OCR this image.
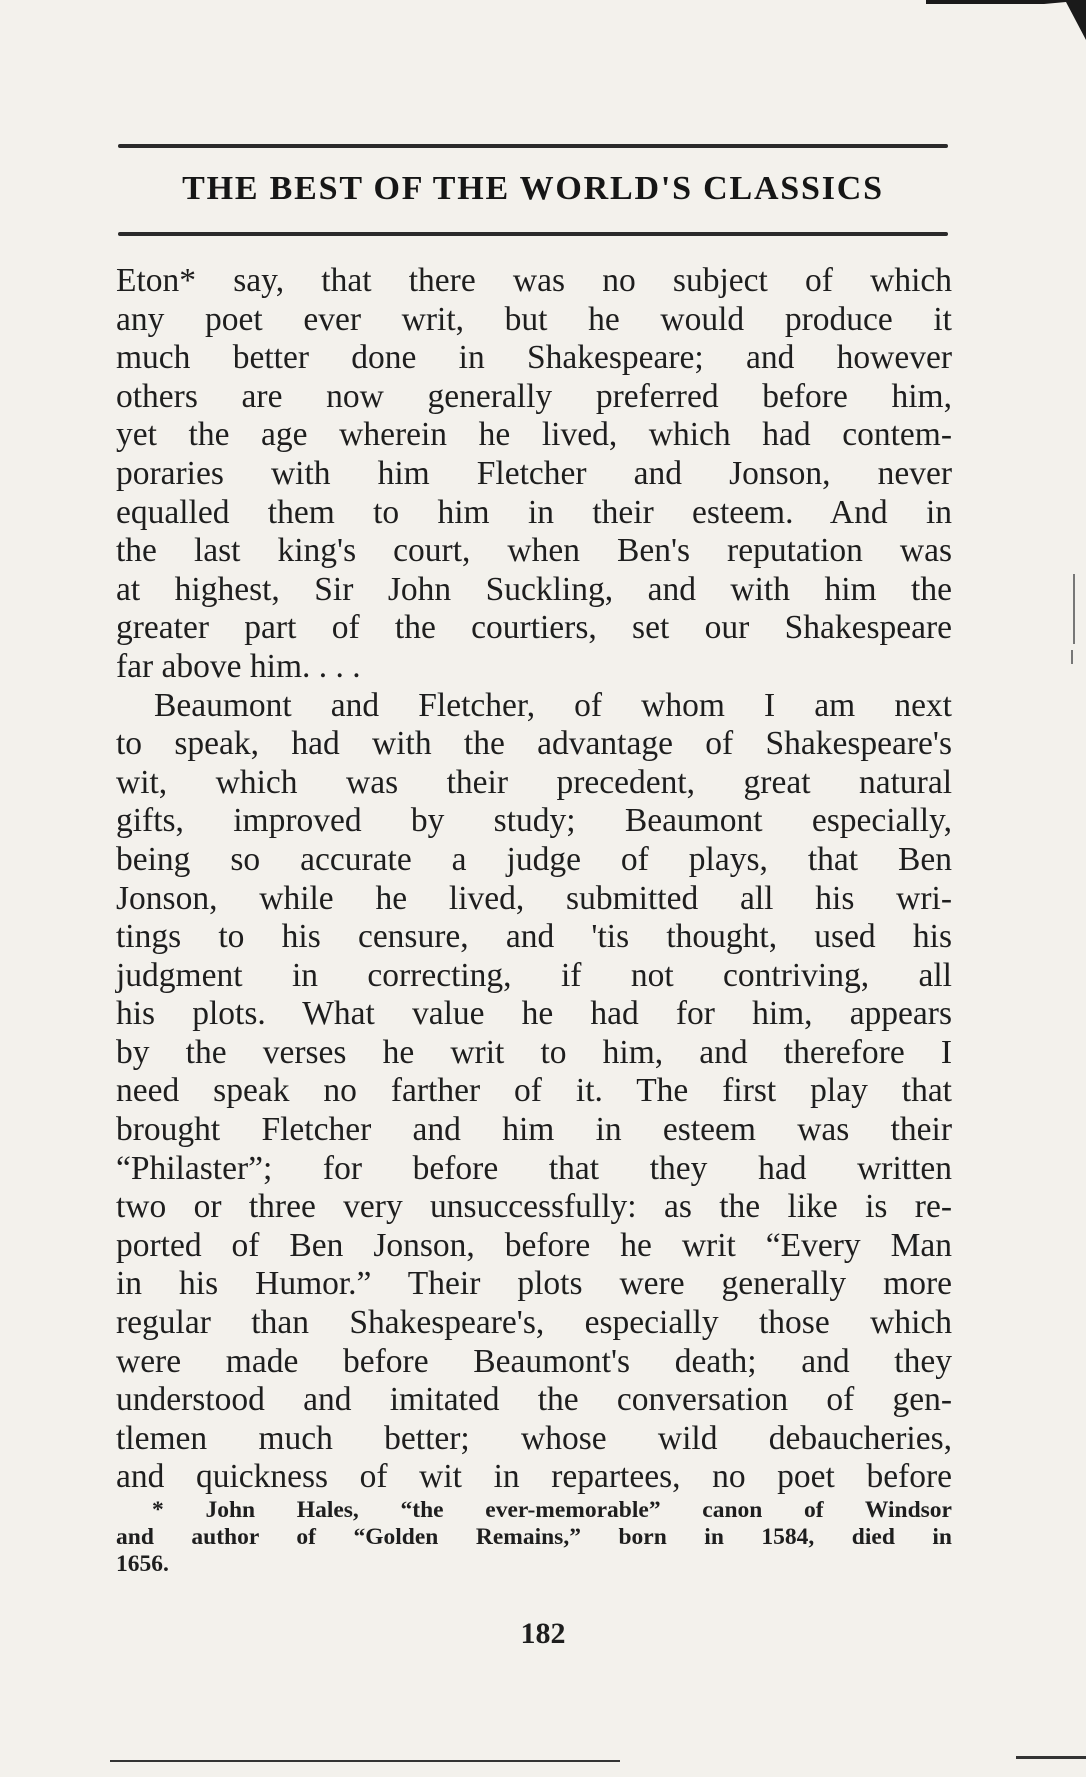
THE BEST OF THE WORLD'S CLASSICS

Eton* say, that there was no subject of which
any poet ever writ, but he would produce it
much better done in Shakespeare; and however
others are now generally preferred before him,
yet the age wherein he lived, which had contem-
poraries with him Fletcher and Jonson, never
equalled them to him in their esteem. And in
the last king's court, when Ben's reputation was
at highest, Sir John Suckling, and with him the
greater part of the courtiers, set our Shakespeare
far above him. . . .

Beaumont and Fletcher, of whom I am next
to speak, had with the advantage of Shakespeare's
wit, which was their precedent, great natural
gifts, improved by study; Beaumont especially,
being so accurate a judge of plays, that Ben
Jonson, while he lived, submitted all his wri-
tings to his censure, and 'tis thought, used his
judgment in correcting, if not contriving, all
his plots. What value he had for him, appears
by the verses he writ to him, and therefore I
need speak no farther of it. The first play that
brought Fletcher and him in esteem was their
“Philaster”; for before that they had written
two or three very unsuccessfully: as the like is re-
ported of Ben Jonson, before he writ “Every Man
in his Humor.” Their plots were generally more
regular than Shakespeare's, especially those which
were made before Beaumont's death; and they
understood and imitated the conversation of gen-
tlemen much better; whose wild debaucheries,
and quickness of wit in repartees, no poet before

* John Hales, “the ever-memorable” canon of Windsor
and author of “Golden Remains,” born in 1584, died in
1656.
182
